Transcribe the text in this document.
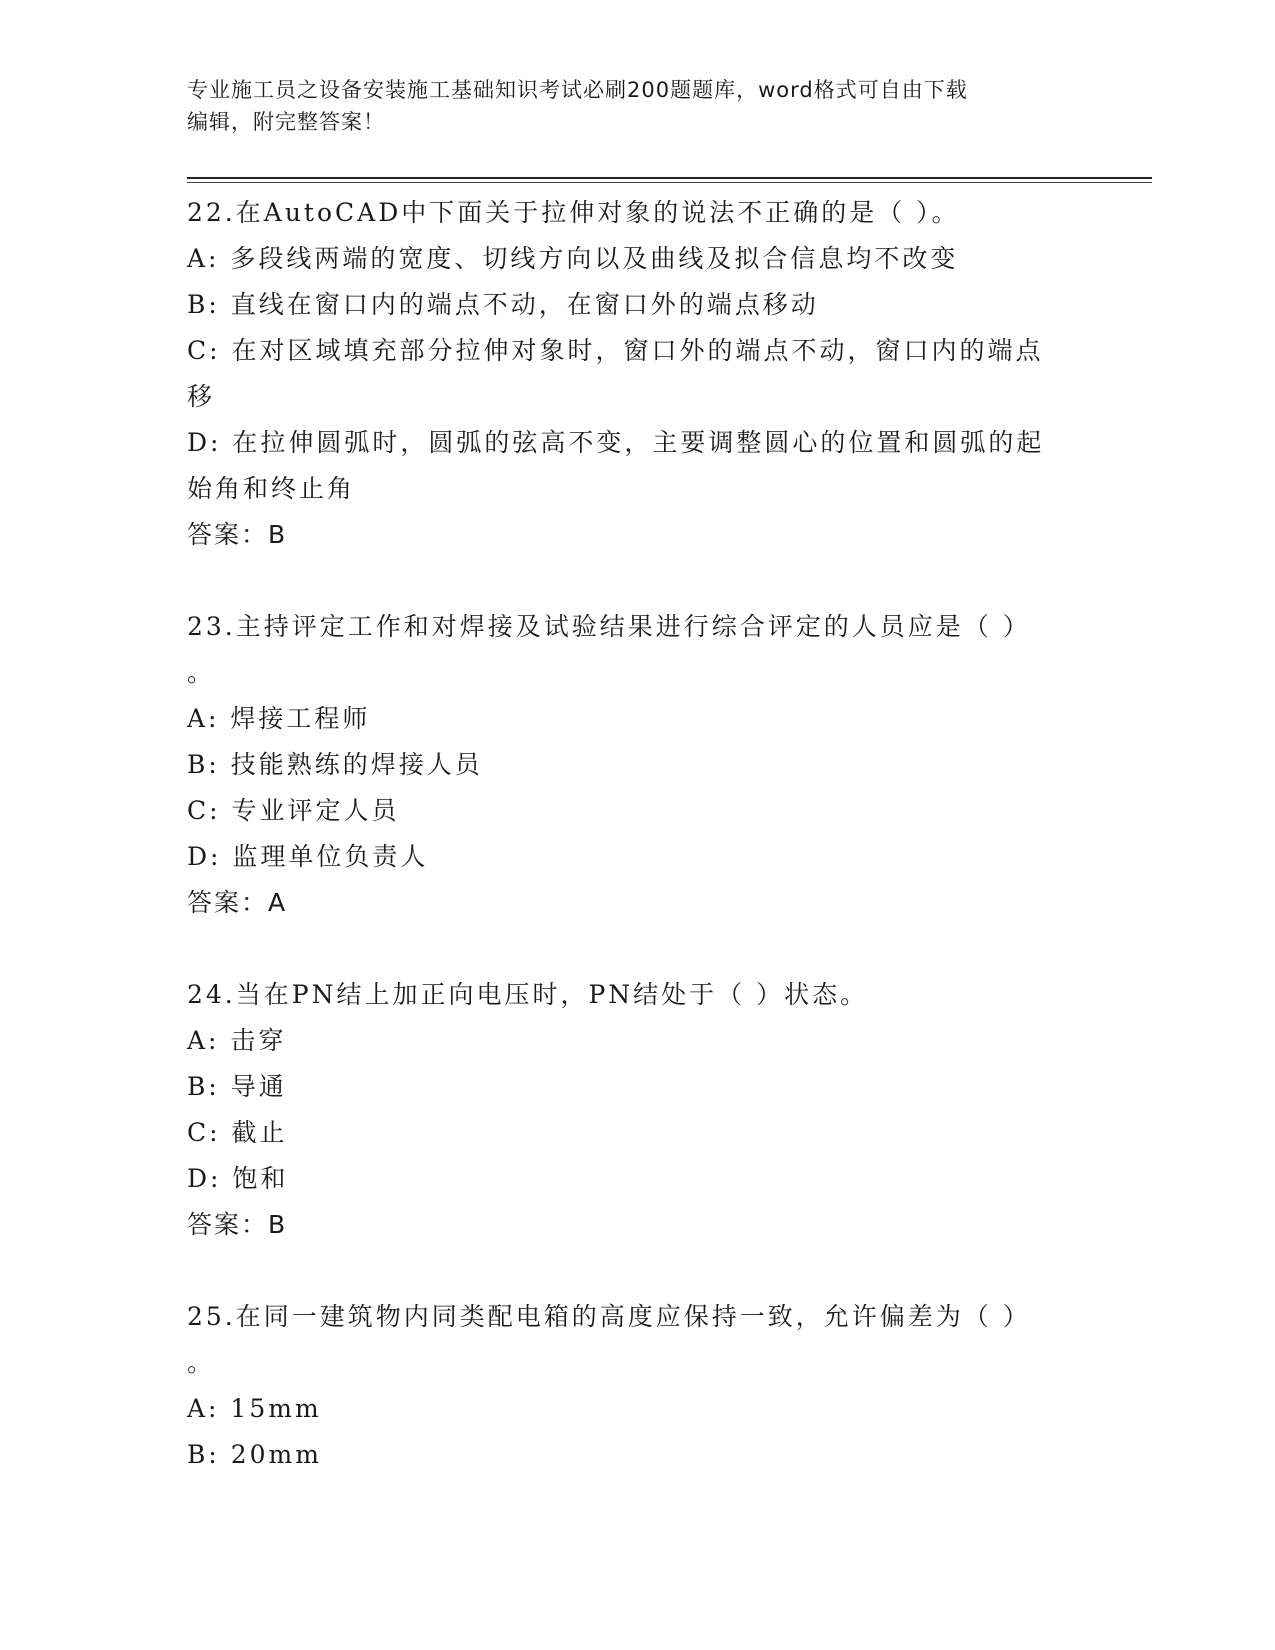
专业施工员之设备安装施工基础知识考试必刷200题题库，word格式可自由下载
编辑，附完整答案！
22.在AutoCAD中下面关于拉伸对象的说法不正确的是（ ）。
A: 多段线两端的宽度、切线方向以及曲线及拟合信息均不改变
B: 直线在窗口内的端点不动，在窗口外的端点移动
C: 在对区域填充部分拉伸对象时，窗口外的端点不动，窗口内的端点
移
D: 在拉伸圆弧时，圆弧的弦高不变，主要调整圆心的位置和圆弧的起
始角和终止角
答案：B
23.主持评定工作和对焊接及试验结果进行综合评定的人员应是（ ）
。
A: 焊接工程师
B: 技能熟练的焊接人员
C: 专业评定人员
D: 监理单位负责人
答案：A
24.当在PN结上加正向电压时，PN结处于（ ）状态。
A: 击穿
B: 导通
C: 截止
D: 饱和
答案：B
25.在同一建筑物内同类配电箱的高度应保持一致，允许偏差为（ ）
。
A: 15mm
B: 20mm
